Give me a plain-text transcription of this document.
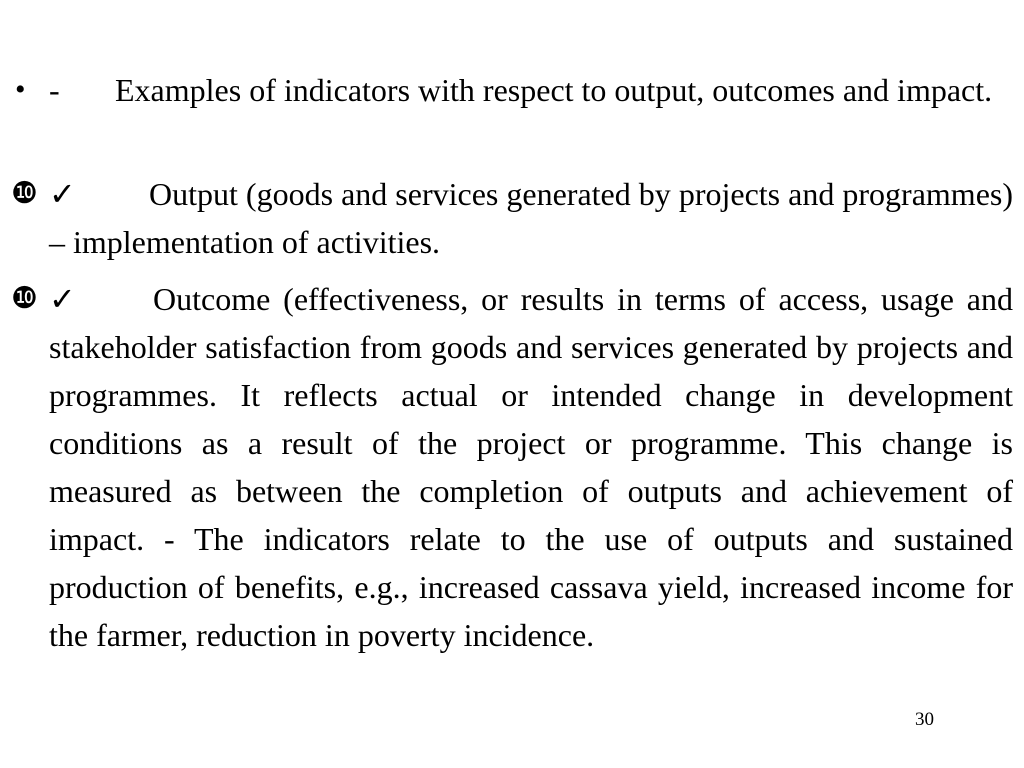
• - Examples of indicators with respect to output, outcomes and impact.

❿ ✓ Output (goods and services generated by projects and programmes) – implementation of activities.

❿ ✓ Outcome (effectiveness, or results in terms of access, usage and stakeholder satisfaction from goods and services generated by projects and programmes. It reflects actual or intended change in development conditions as a result of the project or programme. This change is measured as between the completion of outputs and achievement of impact. - The indicators relate to the use of outputs and sustained production of benefits, e.g., increased cassava yield, increased income for the farmer, reduction in poverty incidence.

30
